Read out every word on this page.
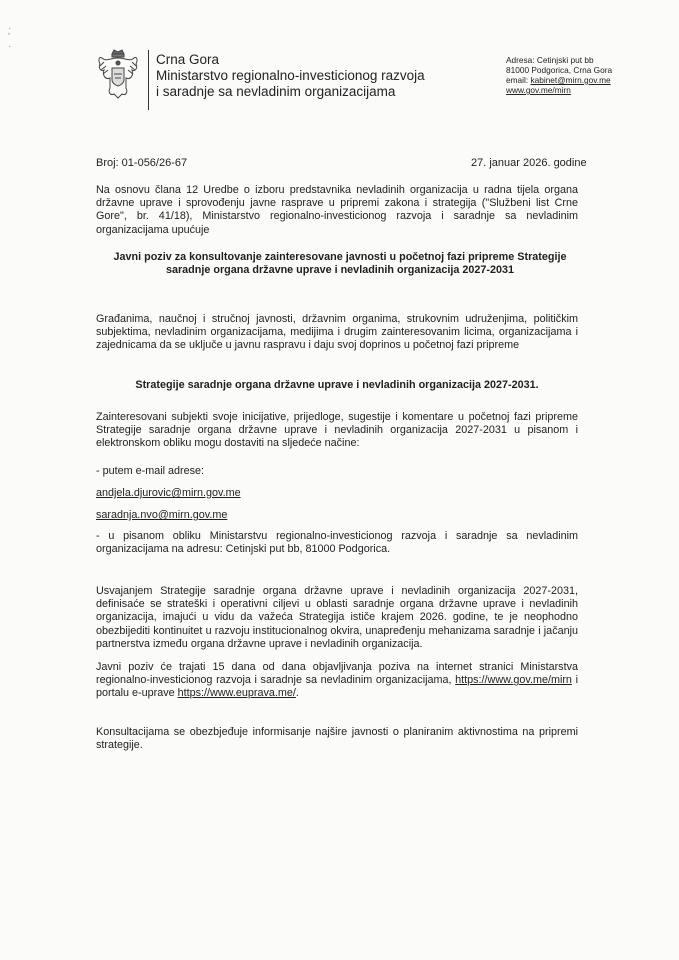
·
ʹ
·
Crna Gora
Ministarstvo regionalno-investicionog razvoja
i saradnje sa nevladinim organizacijama
Adresa: Cetinjski put bb
81000 Podgorica, Crna Gora
email: kabinet@mirn.gov.me
www.gov.me/mirn
Broj: 01-056/26-67	27. januar 2026. godine
Na osnovu člana 12 Uredbe o izboru predstavnika nevladinih organizacija u radna tijela organa državne uprave i sprovođenju javne rasprave u pripremi zakona i strategija ("Službeni list Crne Gore", br. 41/18), Ministarstvo regionalno-investicionog razvoja i saradnje sa nevladinim organizacijama upućuje
Javni poziv za konsultovanje zainteresovane javnosti u početnoj fazi pripreme Strategije saradnje organa državne uprave i nevladinih organizacija 2027-2031
Građanima, naučnoj i stručnoj javnosti, državnim organima, strukovnim udruženjima, političkim subjektima, nevladinim organizacijama, medijima i drugim zainteresovanim licima, organizacijama i zajednicama da se uključe u javnu raspravu i daju svoj doprinos u početnoj fazi pripreme
Strategije saradnje organa državne uprave i nevladinih organizacija 2027-2031.
Zainteresovani subjekti svoje inicijative, prijedloge, sugestije i komentare u početnoj fazi pripreme Strategije saradnje organa državne uprave i nevladinih organizacija 2027-2031 u pisanom i elektronskom obliku mogu dostaviti na sljedeće načine:
- putem e-mail adrese:
andjela.djurovic@mirn.gov.me
saradnja.nvo@mirn.gov.me
- u pisanom obliku Ministarstvu regionalno-investicionog razvoja i saradnje sa nevladinim organizacijama na adresu: Cetinjski put bb, 81000 Podgorica.
Usvajanjem Strategije saradnje organa državne uprave i nevladinih organizacija 2027-2031, definisaće se strateški i operativni ciljevi u oblasti saradnje organa državne uprave i nevladinih organizacija, imajući u vidu da važeća Strategija ističe krajem 2026. godine, te je neophodno obezbijediti kontinuitet u razvoju institucionalnog okvira, unapređenju mehanizama saradnje i jačanju partnerstva između organa državne uprave i nevladinih organizacija.
Javni poziv će trajati 15 dana od dana objavljivanja poziva na internet stranici Ministarstva regionalno-investicionog razvoja i saradnje sa nevladinim organizacijama, https://www.gov.me/mirn i portalu e-uprave https://www.euprava.me/.
Konsultacijama se obezbjeđuje informisanje najšire javnosti o planiranim aktivnostima na pripremi strategije.
